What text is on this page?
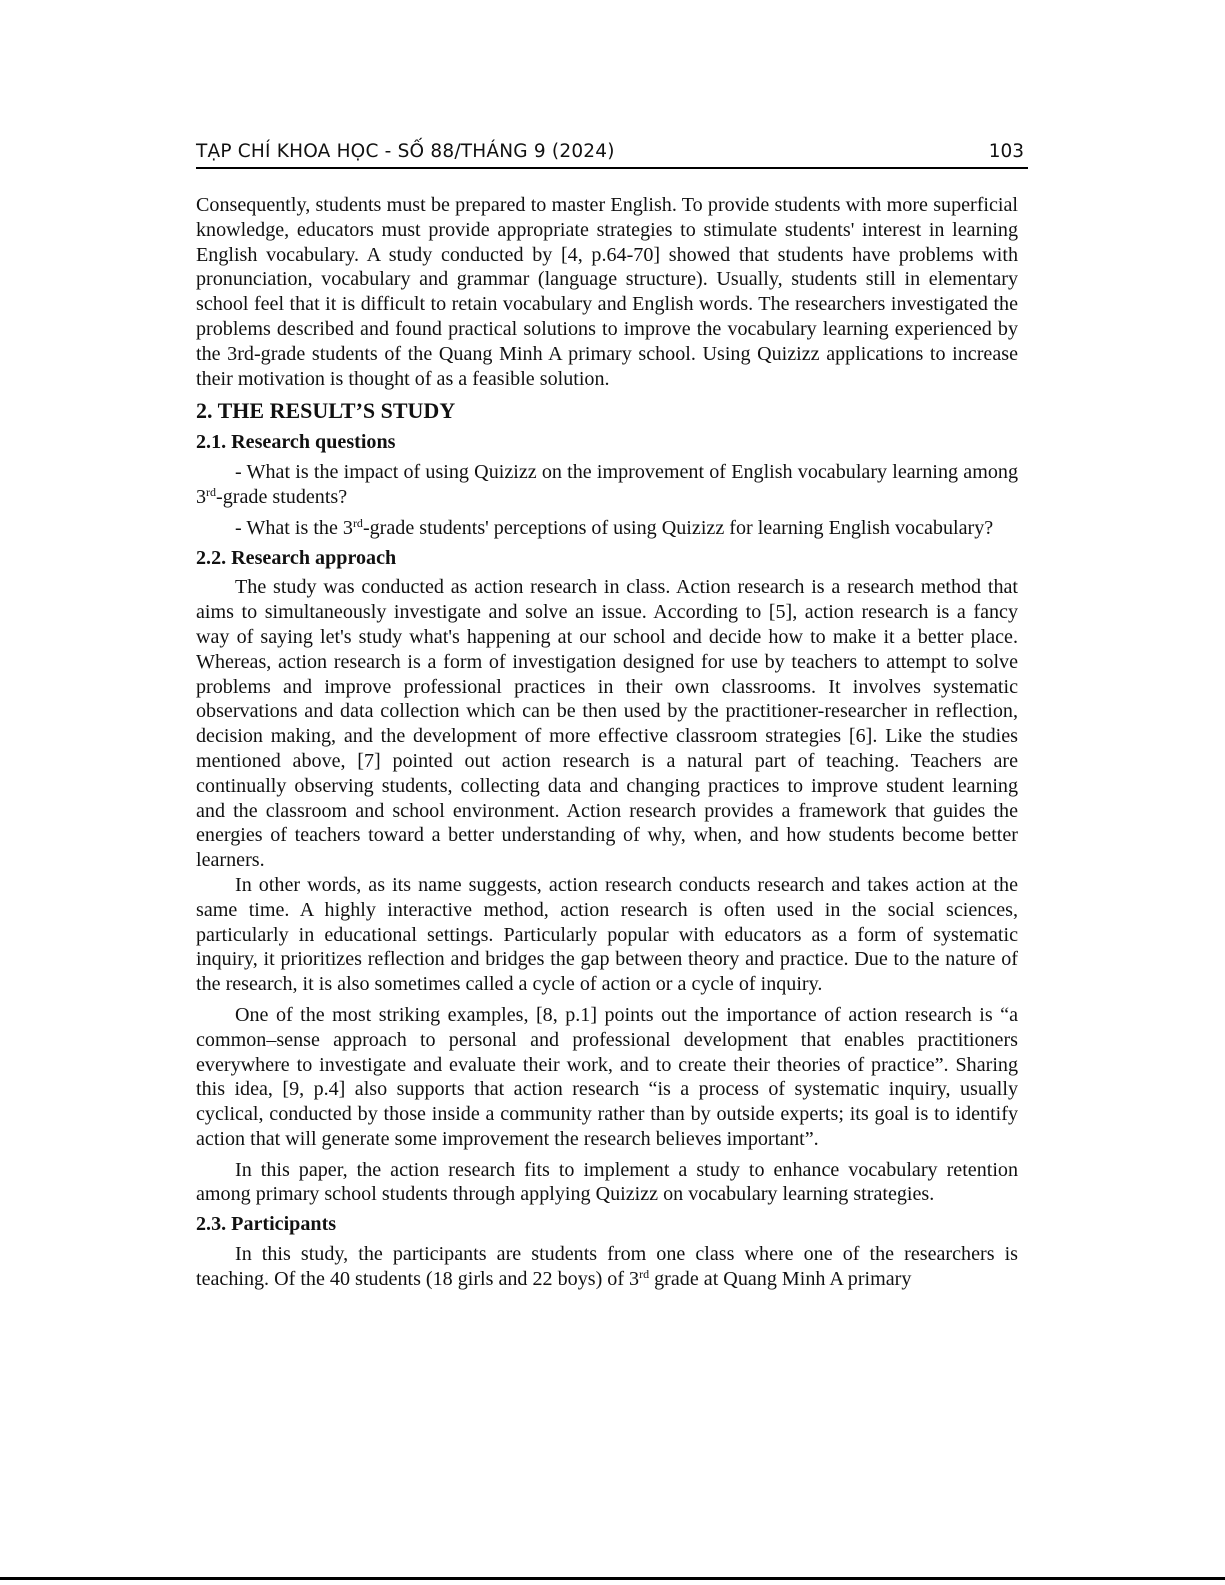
TẠP CHÍ KHOA HỌC - SỐ 88/THÁNG 9 (2024)	103

Consequently, students must be prepared to master English. To provide students with more superficial knowledge, educators must provide appropriate strategies to stimulate students' interest in learning English vocabulary. A study conducted by [4, p.64-70] showed that students have problems with pronunciation, vocabulary and grammar (language structure). Usually, students still in elementary school feel that it is difficult to retain vocabulary and English words. The researchers investigated the problems described and found practical solutions to improve the vocabulary learning experienced by the 3rd-grade students of the Quang Minh A primary school. Using Quizizz applications to increase their motivation is thought of as a feasible solution.

2. THE RESULT’S STUDY
2.1. Research questions

- What is the impact of using Quizizz on the improvement of English vocabulary learning among 3rd-grade students?

- What is the 3rd-grade students' perceptions of using Quizizz for learning English vocabulary?

2.2. Research approach

The study was conducted as action research in class. Action research is a research method that aims to simultaneously investigate and solve an issue. According to [5], action research is a fancy way of saying let's study what's happening at our school and decide how to make it a better place. Whereas, action research is a form of investigation designed for use by teachers to attempt to solve problems and improve professional practices in their own classrooms. It involves systematic observations and data collection which can be then used by the practitioner-researcher in reflection, decision making, and the development of more effective classroom strategies [6]. Like the studies mentioned above, [7] pointed out action research is a natural part of teaching. Teachers are continually observing students, collecting data and changing practices to improve student learning and the classroom and school environment. Action research provides a framework that guides the energies of teachers toward a better understanding of why, when, and how students become better learners.

In other words, as its name suggests, action research conducts research and takes action at the same time. A highly interactive method, action research is often used in the social sciences, particularly in educational settings. Particularly popular with educators as a form of systematic inquiry, it prioritizes reflection and bridges the gap between theory and practice. Due to the nature of the research, it is also sometimes called a cycle of action or a cycle of inquiry.

One of the most striking examples, [8, p.1] points out the importance of action research is “a common–sense approach to personal and professional development that enables practitioners everywhere to investigate and evaluate their work, and to create their theories of practice”. Sharing this idea, [9, p.4] also supports that action research “is a process of systematic inquiry, usually cyclical, conducted by those inside a community rather than by outside experts; its goal is to identify action that will generate some improvement the research believes important”.

In this paper, the action research fits to implement a study to enhance vocabulary retention among primary school students through applying Quizizz on vocabulary learning strategies.

2.3. Participants

In this study, the participants are students from one class where one of the researchers is teaching. Of the 40 students (18 girls and 22 boys) of 3rd grade at Quang Minh A primary
